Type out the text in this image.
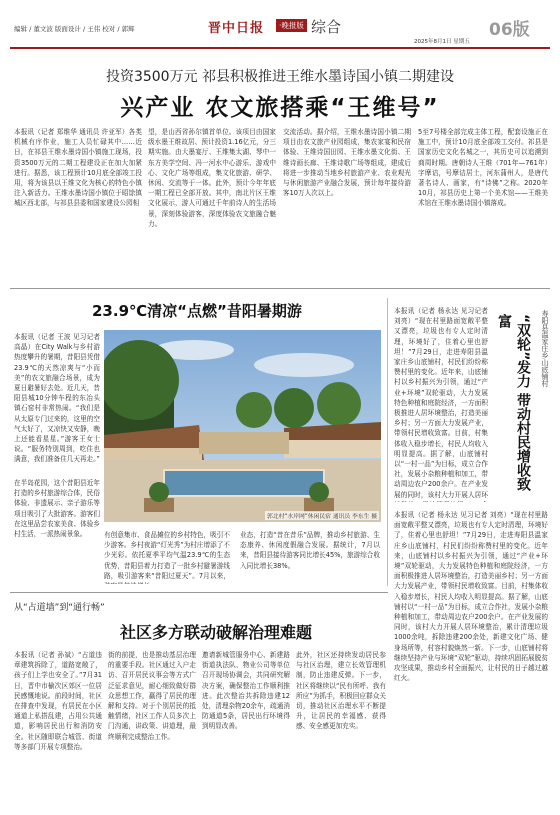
编辑 / 董文波 版面设计 / 王伟 校对 / 郭辉	晋中日报	·晚报版 综合	06版
2025年8月1日 星期五
投资3500万元 祁县积极推进王维水墨诗国小镇二期建设
兴产业 农文旅搭乘“王维号”
本报讯（记者 郑维华 通讯员 许亚军）各类机械有序作业，施工人员忙碌其中……近日，在祁县王维水墨诗国小镇施工现场，投资3500万元的二期工程建设正在加大加紧进行。据悉，该工程预计10月底全部竣工投用，将为该县以王维文化为核心的特色小镇注入新活力。王维水墨诗国小镇位于昭馀镇城区西北部，与祁县县委和国家建设公园相
望，是山西省孙尔镇首单位。该项目由国家级水墨王维故居、预计投资1.16亿元，分三期实施。由大墨宴厅、王维集太湖、琴中一东方美学空间、冯一河水中心游乐、游戏中心、文化广场等组成，集文化旅游、研学、休闲、交流等于一体。此外，预计今年年底一期工程已全部开放。其中，南北片区王维文化展示，游人可通过千年前诗人的生活场景，深刻体验游客，深度体验农文旅融合魅力。
交流活动。据介绍，王维水墨诗国小镇二期项目由农文旅产业园组成，集农家宴和民宿体验、王维诗国田园、王维水墨文化街、王维诗画长廊、王维诗歌广场等组成，建成后将进一步推动当地乡村旅游产业、农业观光与休闲旅游产业融合发展，预计每年接待游客10万人次以上。
5至7号楼全部完成主体工程，配套设施正在施工中，预计10月底全部竣工交付。祁县是国家历史文化名城之一，其历史可以追溯到商周时期。唐朝诗人王维（701年—761年）字摩诘，号摩诘居士，河东蒲州人，是唐代著名诗人、画家，有“诗佛”之称。2020年10月，祁县历史上第一个美术馆——王维美术馆在王维水墨诗国小镇落成。
23.9℃清凉“点燃”昔阳暑期游
本报讯（记者 王波 见习记者 高晶）在City Walk与乡村游热度攀升的暑期，昔阳县凭借23.9℃的天然凉爽与“小而美”的农文旅融合场景，成为夏日避暑好去处。近几天，昔阳县城10分钟车程的东冶头镇石窑村非常热闹。“我们是从太原专门过来的，这里的空气太好了，又凉快又安静，晚上还能看星星。”游客王女士说。“服务特别周到，吃住也满意，我们准备住几天再走。”
在半岛花园，这个昔阳县近年打造的乡村旅游综合体，民俗体验、非遗展示、亲子游乐等项目吸引了大批游客。游客们在这里品尝农家美食、体验乡村生活，一派热闹景象。
郭北村“水岸网”休闲民宿 通讯员 李东生 摄
有创意集市、食品摊位的乡村特色，吸引不少游客。乡村夜游“灯光秀”为村庄增添了不少光彩。依托夏季平均气温23.9℃的生态优势，昔阳县着力打造了一批乡村避暑游线路，吸引游客来“昔阳过夏天”。7月以来，
业态，打造“昔在昔乐”品牌，推动乡村旅游、生态康养、休闲度假融合发展。据统计，7月以来，昔阳县接待游客同比增长45%，旅游综合收入同比增长38%。
寿阳县温家庄乡山底铺村
“双轮”发力 带动村民增收致富
本报讯（记者 杨永达 见习记者 刘亮）“现在村里路面宽敞平整又漂亮，垃圾也有专人定时清理，环境好了，住着心里也舒坦！”7月29日，走进寿阳县温家庄乡山底铺村，村民们纷纷称赞村里的变化。近年来，山底铺村以乡村振兴为引领，通过“产业+环境”双轮驱动，大力发展特色种植和庭院经济，一方面积极推进人居环境整治，打造美丽乡村；另一方面大力发展产业，带领村民增收致富。目前，村集体收入稳步增长，村民人均收入明显提高。据了解，山底铺村以“一村一品”为目标，成立合作社，发展小杂粮种植和加工，带动周边农户200余户。在产业发展的同时，该村大力开展人居环
本报讯（记者 杨永达 见习记者 刘亮）“现在村里路面宽敞平整又漂亮，垃圾也有专人定时清理，环境好了，住着心里也舒坦！”7月29日，走进寿阳县温家庄乡山底铺村，村民们纷纷称赞村里的变化。近年来，山底铺村以乡村振兴为引领，通过“产业+环境”双轮驱动，大力发展特色种植和庭院经济，一方面积极推进人居环境整治，打造美丽乡村；另一方面大力发展产业，带领村民增收致富。目前，村集体收入稳步增长，村民人均收入明显提高。据了解，山底铺村以“一村一品”为目标，成立合作社，发展小杂粮种植和加工，带动周边农户200余户。在产业发展的同时，该村大力开展人居环境整治，累计清理垃圾1000余吨，拆除违建200余处，新建文化广场、健身场所等，村容村貌焕然一新。下一步，山底铺村将继续坚持产业与环境“双轮”驱动，持续巩固拓展脱贫攻坚成果，推动乡村全面振兴，让村民的日子越过越红火。
从“占道墙”到“通行畅”
社区多方联动破解治理难题
本报讯（记者 孙斌）“占道违章建筑拆除了，道路宽敞了，孩子们上学也安全了。”7月31日，晋中市榆次区郊区一位居民感慨地说。前段时间，社区在排查中发现，有居民在小区通道上私搭乱建，占用公共通道，影响居民出行和消防安全。社区随即联合城管、街道等多部门开展专项整治。
街的前提，也是推动基层治理的重要手段。社区通过入户走访、召开居民议事会等方式广泛征求意见，耐心细致做好群众思想工作，赢得了居民的理解和支持。对于个别居民的抵触情绪，社区工作人员多次上门沟通，讲政策、讲道理，最终顺利完成整治工作。
邀请新城管服务中心、新建路街道执法队、物业公司等单位召开现场协调会，共同研究解决方案，确保整治工作顺利推进。此次整治共拆除违建12处，清理杂物20余车，疏通消防通道5条，居民出行环境得到明显改善。
此外，社区还持续发动居民参与社区治理，建立长效管理机制，防止违建反弹。下一步，社区将继续以“民有所呼、我有所应”为抓手，积极回应群众关切，推动社区治理水平不断提升，让居民的幸福感、获得感、安全感更加充实。
